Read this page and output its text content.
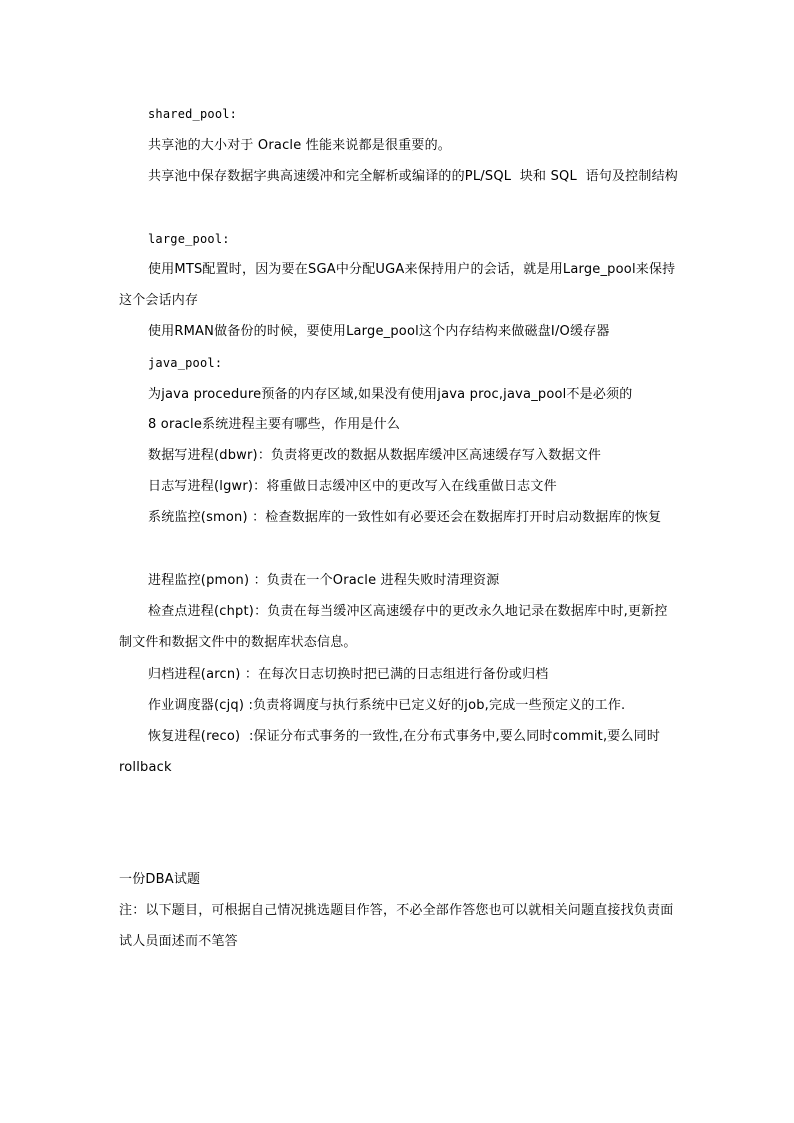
shared_pool:
共享池的大小对于 Oracle 性能来说都是很重要的。
共享池中保存数据字典高速缓冲和完全解析或编译的的PL/SQL  块和 SQL  语句及控制结构
large_pool:
使用MTS配置时，因为要在SGA中分配UGA来保持用户的会话，就是用Large_pool来保持这个会话内存
使用RMAN做备份的时候，要使用Large_pool这个内存结构来做磁盘I/O缓存器
java_pool:
为java procedure预备的内存区域,如果没有使用java proc,java_pool不是必须的
8 oracle系统进程主要有哪些，作用是什么
数据写进程(dbwr)：负责将更改的数据从数据库缓冲区高速缓存写入数据文件
日志写进程(lgwr)：将重做日志缓冲区中的更改写入在线重做日志文件
系统监控(smon) ：检查数据库的一致性如有必要还会在数据库打开时启动数据库的恢复
进程监控(pmon) ：负责在一个Oracle 进程失败时清理资源
检查点进程(chpt)：负责在每当缓冲区高速缓存中的更改永久地记录在数据库中时,更新控制文件和数据文件中的数据库状态信息。
归档进程(arcn) ：在每次日志切换时把已满的日志组进行备份或归档
作业调度器(cjq) :负责将调度与执行系统中已定义好的job,完成一些预定义的工作.
恢复进程(reco)  :保证分布式事务的一致性,在分布式事务中,要么同时commit,要么同时rollback
一份DBA试题
注：以下题目，可根据自己情况挑选题目作答，不必全部作答您也可以就相关问题直接找负责面试人员面述而不笔答
